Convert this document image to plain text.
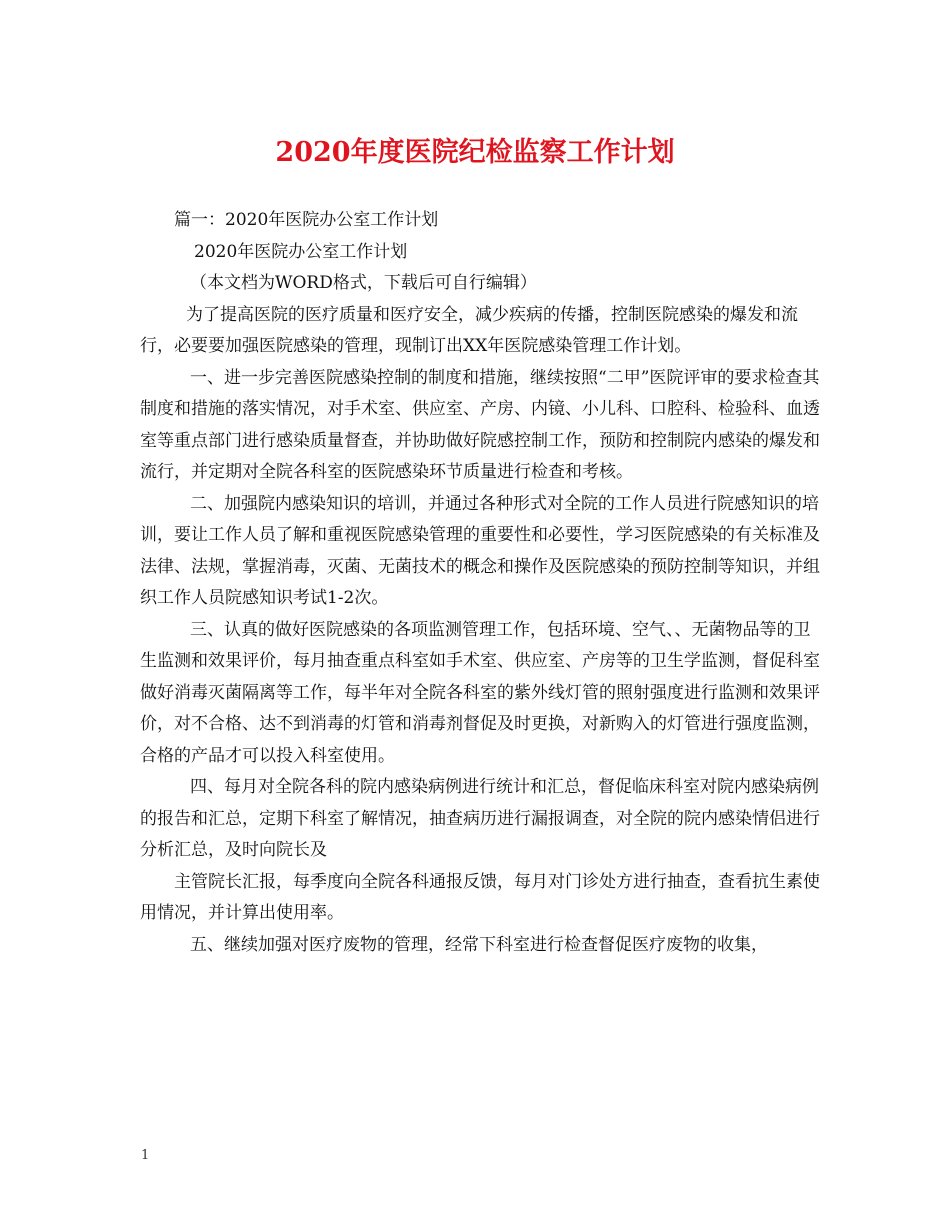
2020年度医院纪检监察工作计划

篇一：2020年医院办公室工作计划

2020年医院办公室工作计划

（本文档为WORD格式，下载后可自行编辑）

为了提高医院的医疗质量和医疗安全，减少疾病的传播，控制医院感染的爆发和流行，必要要加强医院感染的管理，现制订出XX年医院感染管理工作计划。

一、进一步完善医院感染控制的制度和措施，继续按照“二甲”医院评审的要求检查其制度和措施的落实情况，对手术室、供应室、产房、内镜、小儿科、口腔科、检验科、血透室等重点部门进行感染质量督查，并协助做好院感控制工作，预防和控制院内感染的爆发和流行，并定期对全院各科室的医院感染环节质量进行检查和考核。

二、加强院内感染知识的培训，并通过各种形式对全院的工作人员进行院感知识的培训，要让工作人员了解和重视医院感染管理的重要性和必要性，学习医院感染的有关标准及法律、法规，掌握消毒，灭菌、无菌技术的概念和操作及医院感染的预防控制等知识，并组织工作人员院感知识考试1-2次。

三、认真的做好医院感染的各项监测管理工作，包括环境、空气、、无菌物品等的卫生监测和效果评价，每月抽查重点科室如手术室、供应室、产房等的卫生学监测，督促科室做好消毒灭菌隔离等工作，每半年对全院各科室的紫外线灯管的照射强度进行监测和效果评价，对不合格、达不到消毒的灯管和消毒剂督促及时更换，对新购入的灯管进行强度监测，合格的产品才可以投入科室使用。

四、每月对全院各科的院内感染病例进行统计和汇总，督促临床科室对院内感染病例的报告和汇总，定期下科室了解情况，抽查病历进行漏报调查，对全院的院内感染情侣进行分析汇总，及时向院长及

主管院长汇报，每季度向全院各科通报反馈，每月对门诊处方进行抽查，查看抗生素使用情况，并计算出使用率。

五、继续加强对医疗废物的管理，经常下科室进行检查督促医疗废物的收集，

1
